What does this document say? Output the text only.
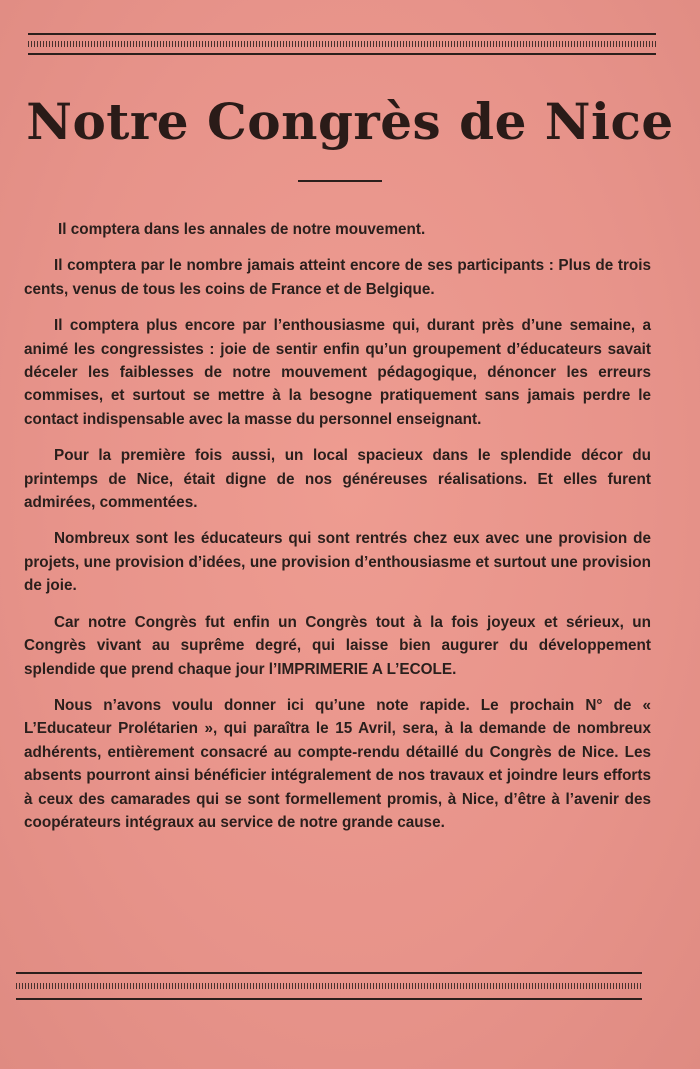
Notre Congrès de Nice

Il comptera dans les annales de notre mouvement.

Il comptera par le nombre jamais atteint encore de ses participants : Plus de trois cents, venus de tous les coins de France et de Belgique.

Il comptera plus encore par l’enthousiasme qui, durant près d’une semaine, a animé les congressistes : joie de sentir enfin qu’un groupement d’éducateurs savait déceler les faiblesses de notre mouvement pédagogique, dénoncer les erreurs commises, et surtout se mettre à la besogne pratiquement sans jamais perdre le contact indispensable avec la masse du personnel enseignant.

Pour la première fois aussi, un local spacieux dans le splendide décor du printemps de Nice, était digne de nos généreuses réalisations. Et elles furent admirées, commentées.

Nombreux sont les éducateurs qui sont rentrés chez eux avec une provision de projets, une provision d’idées, une provision d’enthousiasme et surtout une provision de joie.

Car notre Congrès fut enfin un Congrès tout à la fois joyeux et sérieux, un Congrès vivant au suprême degré, qui laisse bien augurer du développement splendide que prend chaque jour l’IMPRIMERIE A L’ECOLE.

Nous n’avons voulu donner ici qu’une note rapide. Le prochain N° de « L’Educateur Prolétarien », qui paraîtra le 15 Avril, sera, à la demande de nombreux adhérents, entièrement consacré au compte-rendu détaillé du Congrès de Nice. Les absents pourront ainsi bénéficier intégralement de nos travaux et joindre leurs efforts à ceux des camarades qui se sont formellement promis, à Nice, d’être à l’avenir des coopérateurs intégraux au service de notre grande cause.
